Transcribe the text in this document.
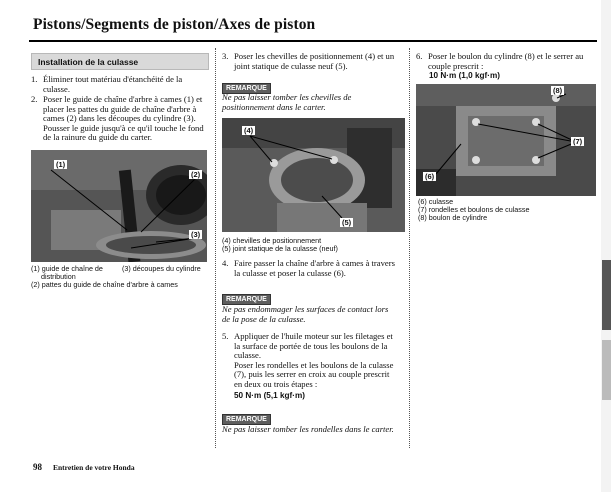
Pistons/Segments de piston/Axes de piston
Installation de la culasse
1. Éliminer tout matériau d'étanchéité de la
culasse.
2. Poser le guide de chaîne d'arbre à cames (1) et
placer les pattes du guide de chaîne d'arbre à
cames (2) dans les découpes du cylindre (3).
Pousser le guide jusqu'à ce qu'il touche le fond
de la rainure du guide du carter.
(1)
(2)
(3)
(1) guide de chaîne de
distribution
(3) découpes du cylindre
(2) pattes du guide de chaîne d'arbre à cames
3. Poser les chevilles de positionnement (4) et un
joint statique de culasse neuf (5).
REMARQUE
Ne pas laisser tomber les chevilles de
positionnement dans le carter.
(4)
(5)
(4) chevilles de positionnement
(5) joint statique de la culasse (neuf)
4. Faire passer la chaîne d'arbre à cames à travers
la culasse et poser la culasse (6).
REMARQUE
Ne pas endommager les surfaces de contact lors
de la pose de la culasse.
5. Appliquer de l'huile moteur sur les filetages et
la surface de portée de tous les boulons de la
culasse.
Poser les rondelles et les boulons de la culasse
(7), puis les serrer en croix au couple prescrit
en deux ou trois étapes :
50 N·m (5,1 kgf·m)
REMARQUE
Ne pas laisser tomber les rondelles dans le carter.
6. Poser le boulon du cylindre (8) et le serrer au
couple prescrit :
10 N·m (1,0 kgf·m)
(8)
(7)
(6)
(6) culasse
(7) rondelles et boulons de culasse
(8) boulon de cylindre
98 Entretien de votre Honda
